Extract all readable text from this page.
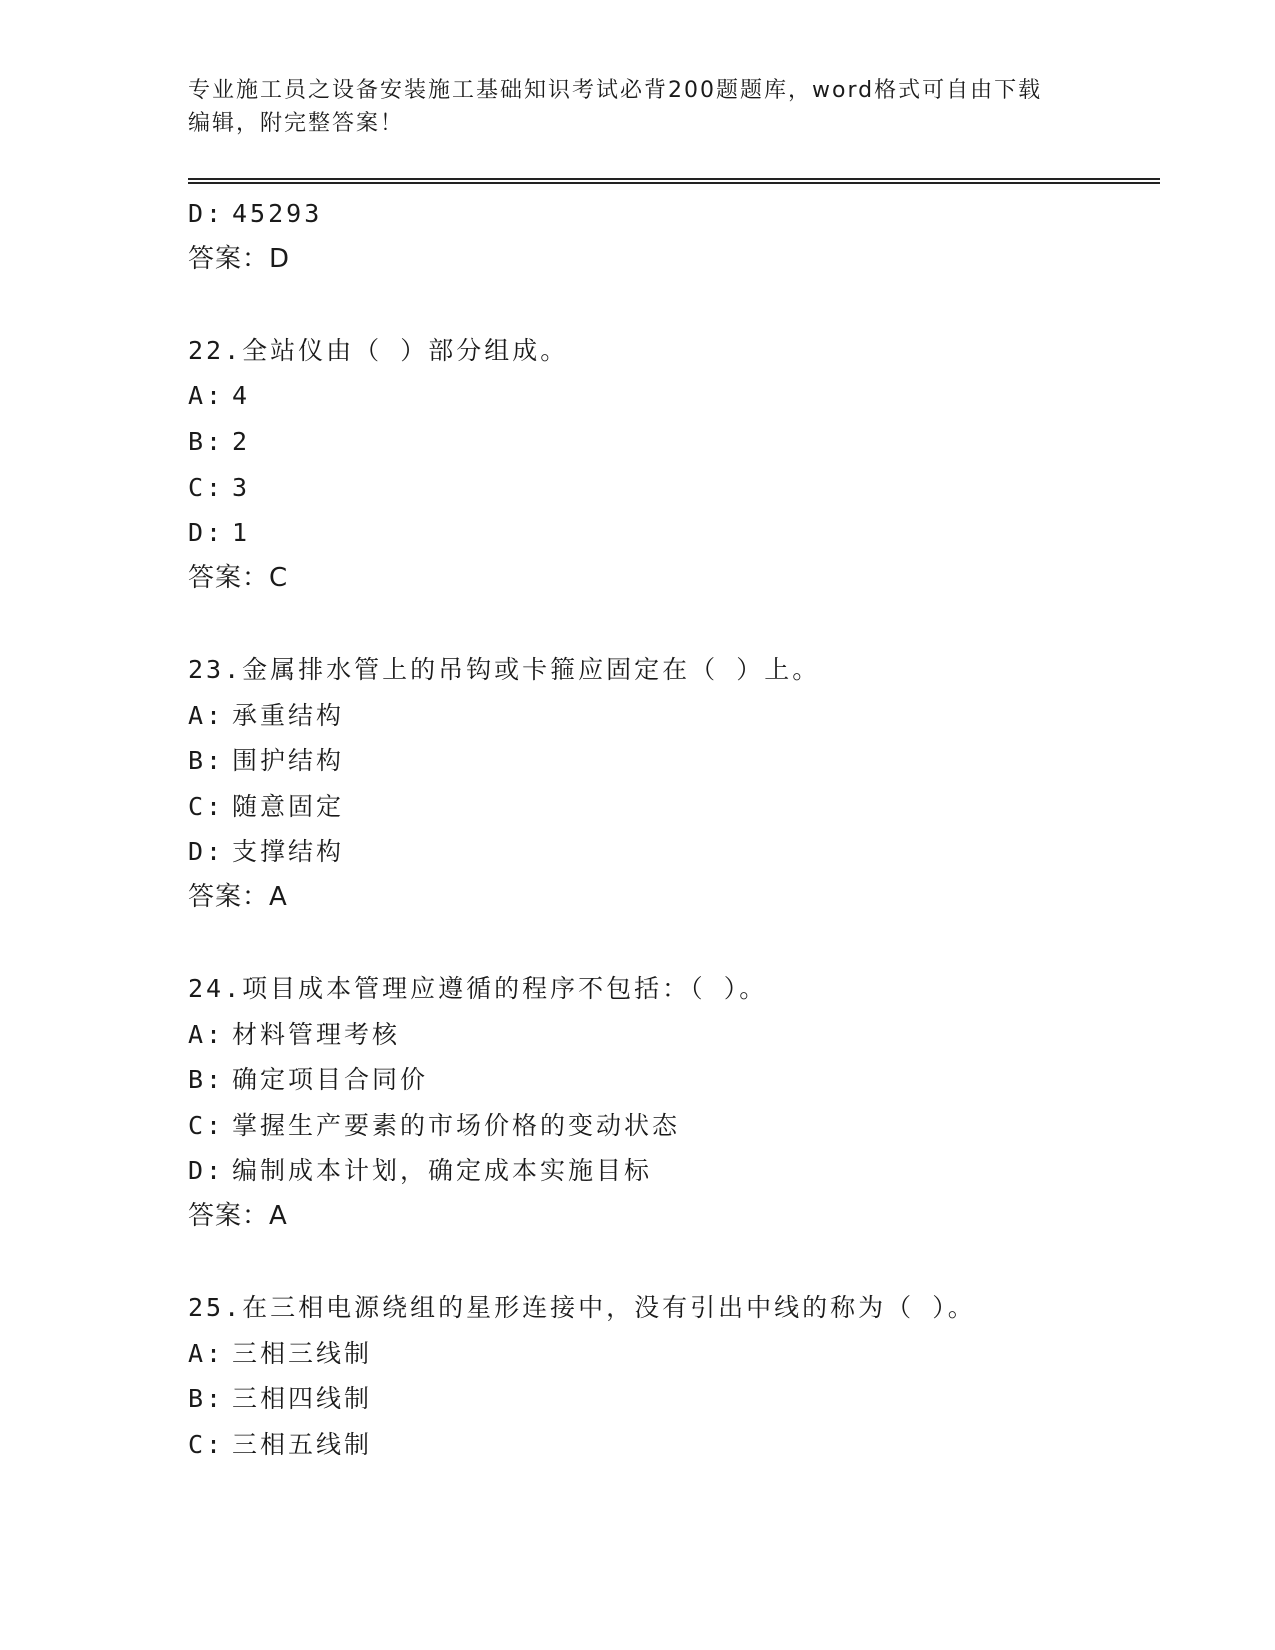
专业施工员之设备安装施工基础知识考试必背200题题库，word格式可自由下载
编辑，附完整答案！
D: 45293
答案：D
22.全站仪由（ ）部分组成。
A: 4
B: 2
C: 3
D: 1
答案：C
23.金属排水管上的吊钩或卡箍应固定在（ ）上。
A: 承重结构
B: 围护结构
C: 随意固定
D: 支撑结构
答案：A
24.项目成本管理应遵循的程序不包括：（ ）。
A: 材料管理考核
B: 确定项目合同价
C: 掌握生产要素的市场价格的变动状态
D: 编制成本计划，确定成本实施目标
答案：A
25.在三相电源绕组的星形连接中，没有引出中线的称为（ ）。
A: 三相三线制
B: 三相四线制
C: 三相五线制
